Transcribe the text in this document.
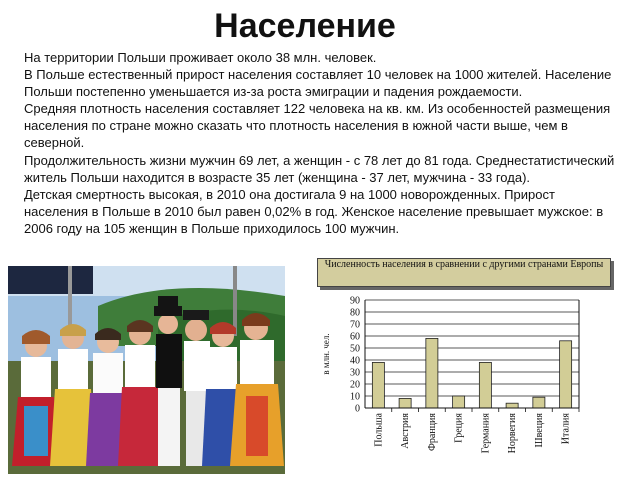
Население

На территории Польши проживает около 38 млн. человек.

В Польше естественный прирост населения составляет 10 человек на 1000 жителей. Население Польши постепенно уменьшается из-за роста эмиграции и падения рождаемости.

Средняя плотность населения составляет 122 человека на кв. км. Из особенностей размещения населения по стране можно сказать что плотность населения в южной части выше, чем в северной.

Продолжительность жизни мужчин 69 лет, а женщин - с 78 лет до 81 года. Среднестатистический житель Польши находится в возрасте 35 лет (женщина - 37 лет, мужчина - 33 года).

Детская смертность высокая, в 2010 она достигала 9 на 1000 новорожденных. Прирост населения в Польше в 2010 был равен 0,02% в год. Женское население превышает мужское: в 2006 году на 105 женщин в Польше приходилось 100 мужчин.

Численность населения в сравнении с другими странами Европы
0
10
20
30
40
50
60
70
80
90
в млн. чел.
Польша Австрия Франция Греция Германия Норвегия Швеция Италия
